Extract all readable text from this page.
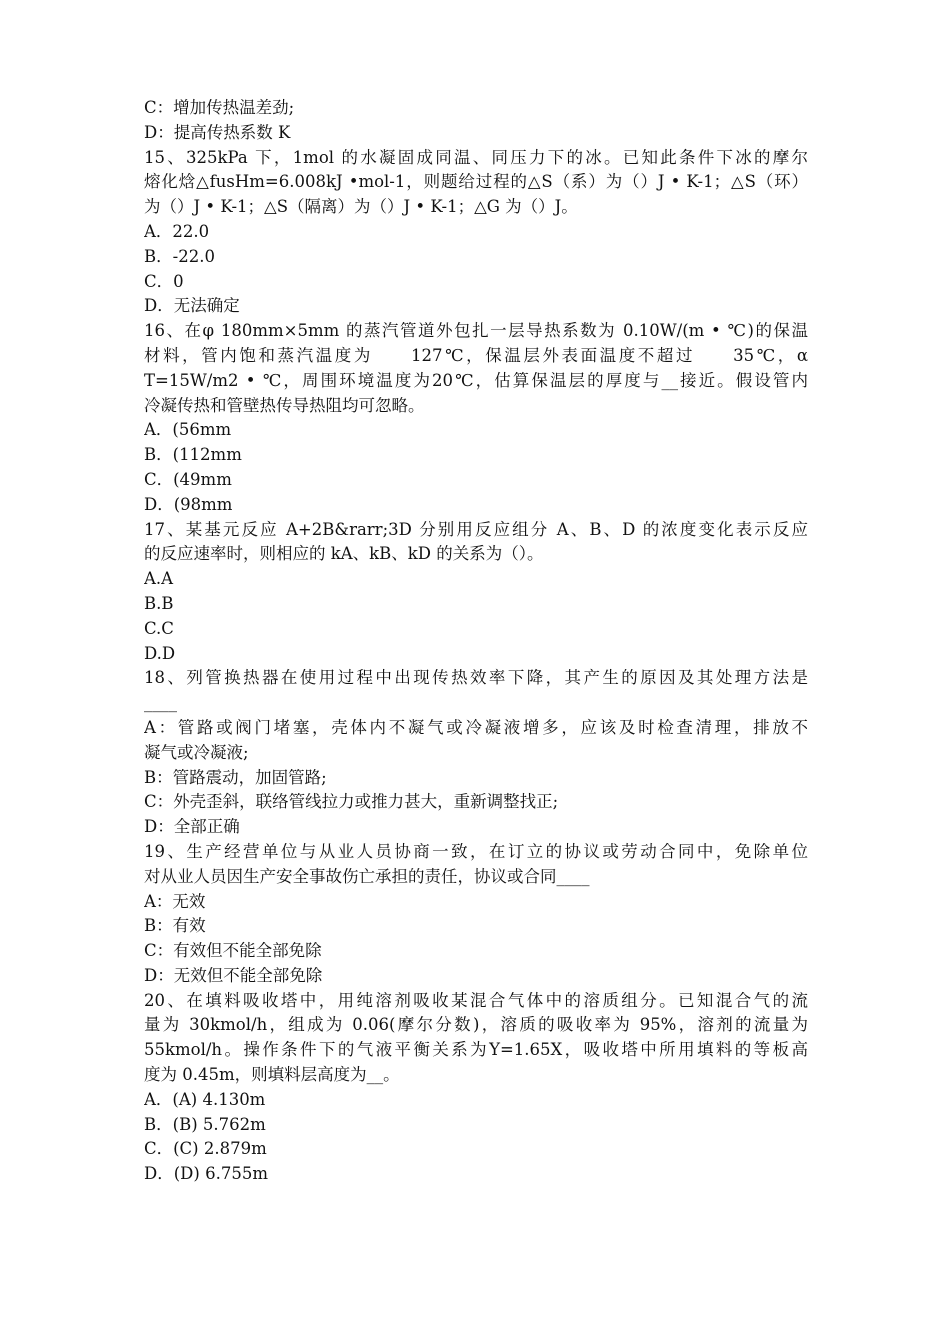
C：增加传热温差劲;
D：提高传热系数 K
15、325kPa 下，1mol 的水凝固成同温、同压力下的冰。已知此条件下冰的摩尔
熔化焓△fusHm=6.008kJ •mol-1，则题给过程的△S（系）为（）J • K-1；△S（环）
为（）J • K-1；△S（隔离）为（）J • K-1；△G 为（）J。
A．22.0
B．-22.0
C．0
D．无法确定
16、在φ 180mm×5mm 的蒸汽管道外包扎一层导热系数为 0.10W/(m • ℃)的保温
材料，管内饱和蒸汽温度为　　127℃，保温层外表面温度不超过　　35℃，α
T=15W/m2 • ℃，周围环境温度为20℃，估算保温层的厚度与__接近。假设管内
冷凝传热和管壁热传导热阻均可忽略。
A．(56mm
B．(112mm
C．(49mm
D．(98mm
17、某基元反应 A+2B&rarr;3D 分别用反应组分 A、B、D 的浓度变化表示反应
的反应速率时，则相应的 kA、kB、kD 的关系为（）。
A.A
B.B
C.C
D.D
18、列管换热器在使用过程中出现传热效率下降，其产生的原因及其处理方法是
____
A：管路或阀门堵塞，壳体内不凝气或冷凝液增多，应该及时检查清理，排放不
凝气或冷凝液;
B：管路震动，加固管路;
C：外壳歪斜，联络管线拉力或推力甚大，重新调整找正;
D：全部正确
19、生产经营单位与从业人员协商一致，在订立的协议或劳动合同中，免除单位
对从业人员因生产安全事故伤亡承担的责任，协议或合同____
A：无效
B：有效
C：有效但不能全部免除
D：无效但不能全部免除
20、在填料吸收塔中，用纯溶剂吸收某混合气体中的溶质组分。已知混合气的流
量为 30kmol/h，组成为 0.06(摩尔分数)，溶质的吸收率为 95%，溶剂的流量为
55kmol/h。操作条件下的气液平衡关系为Y=1.65X，吸收塔中所用填料的等板高
度为 0.45m，则填料层高度为__。
A．(A) 4.130m
B．(B) 5.762m
C．(C) 2.879m
D．(D) 6.755m
